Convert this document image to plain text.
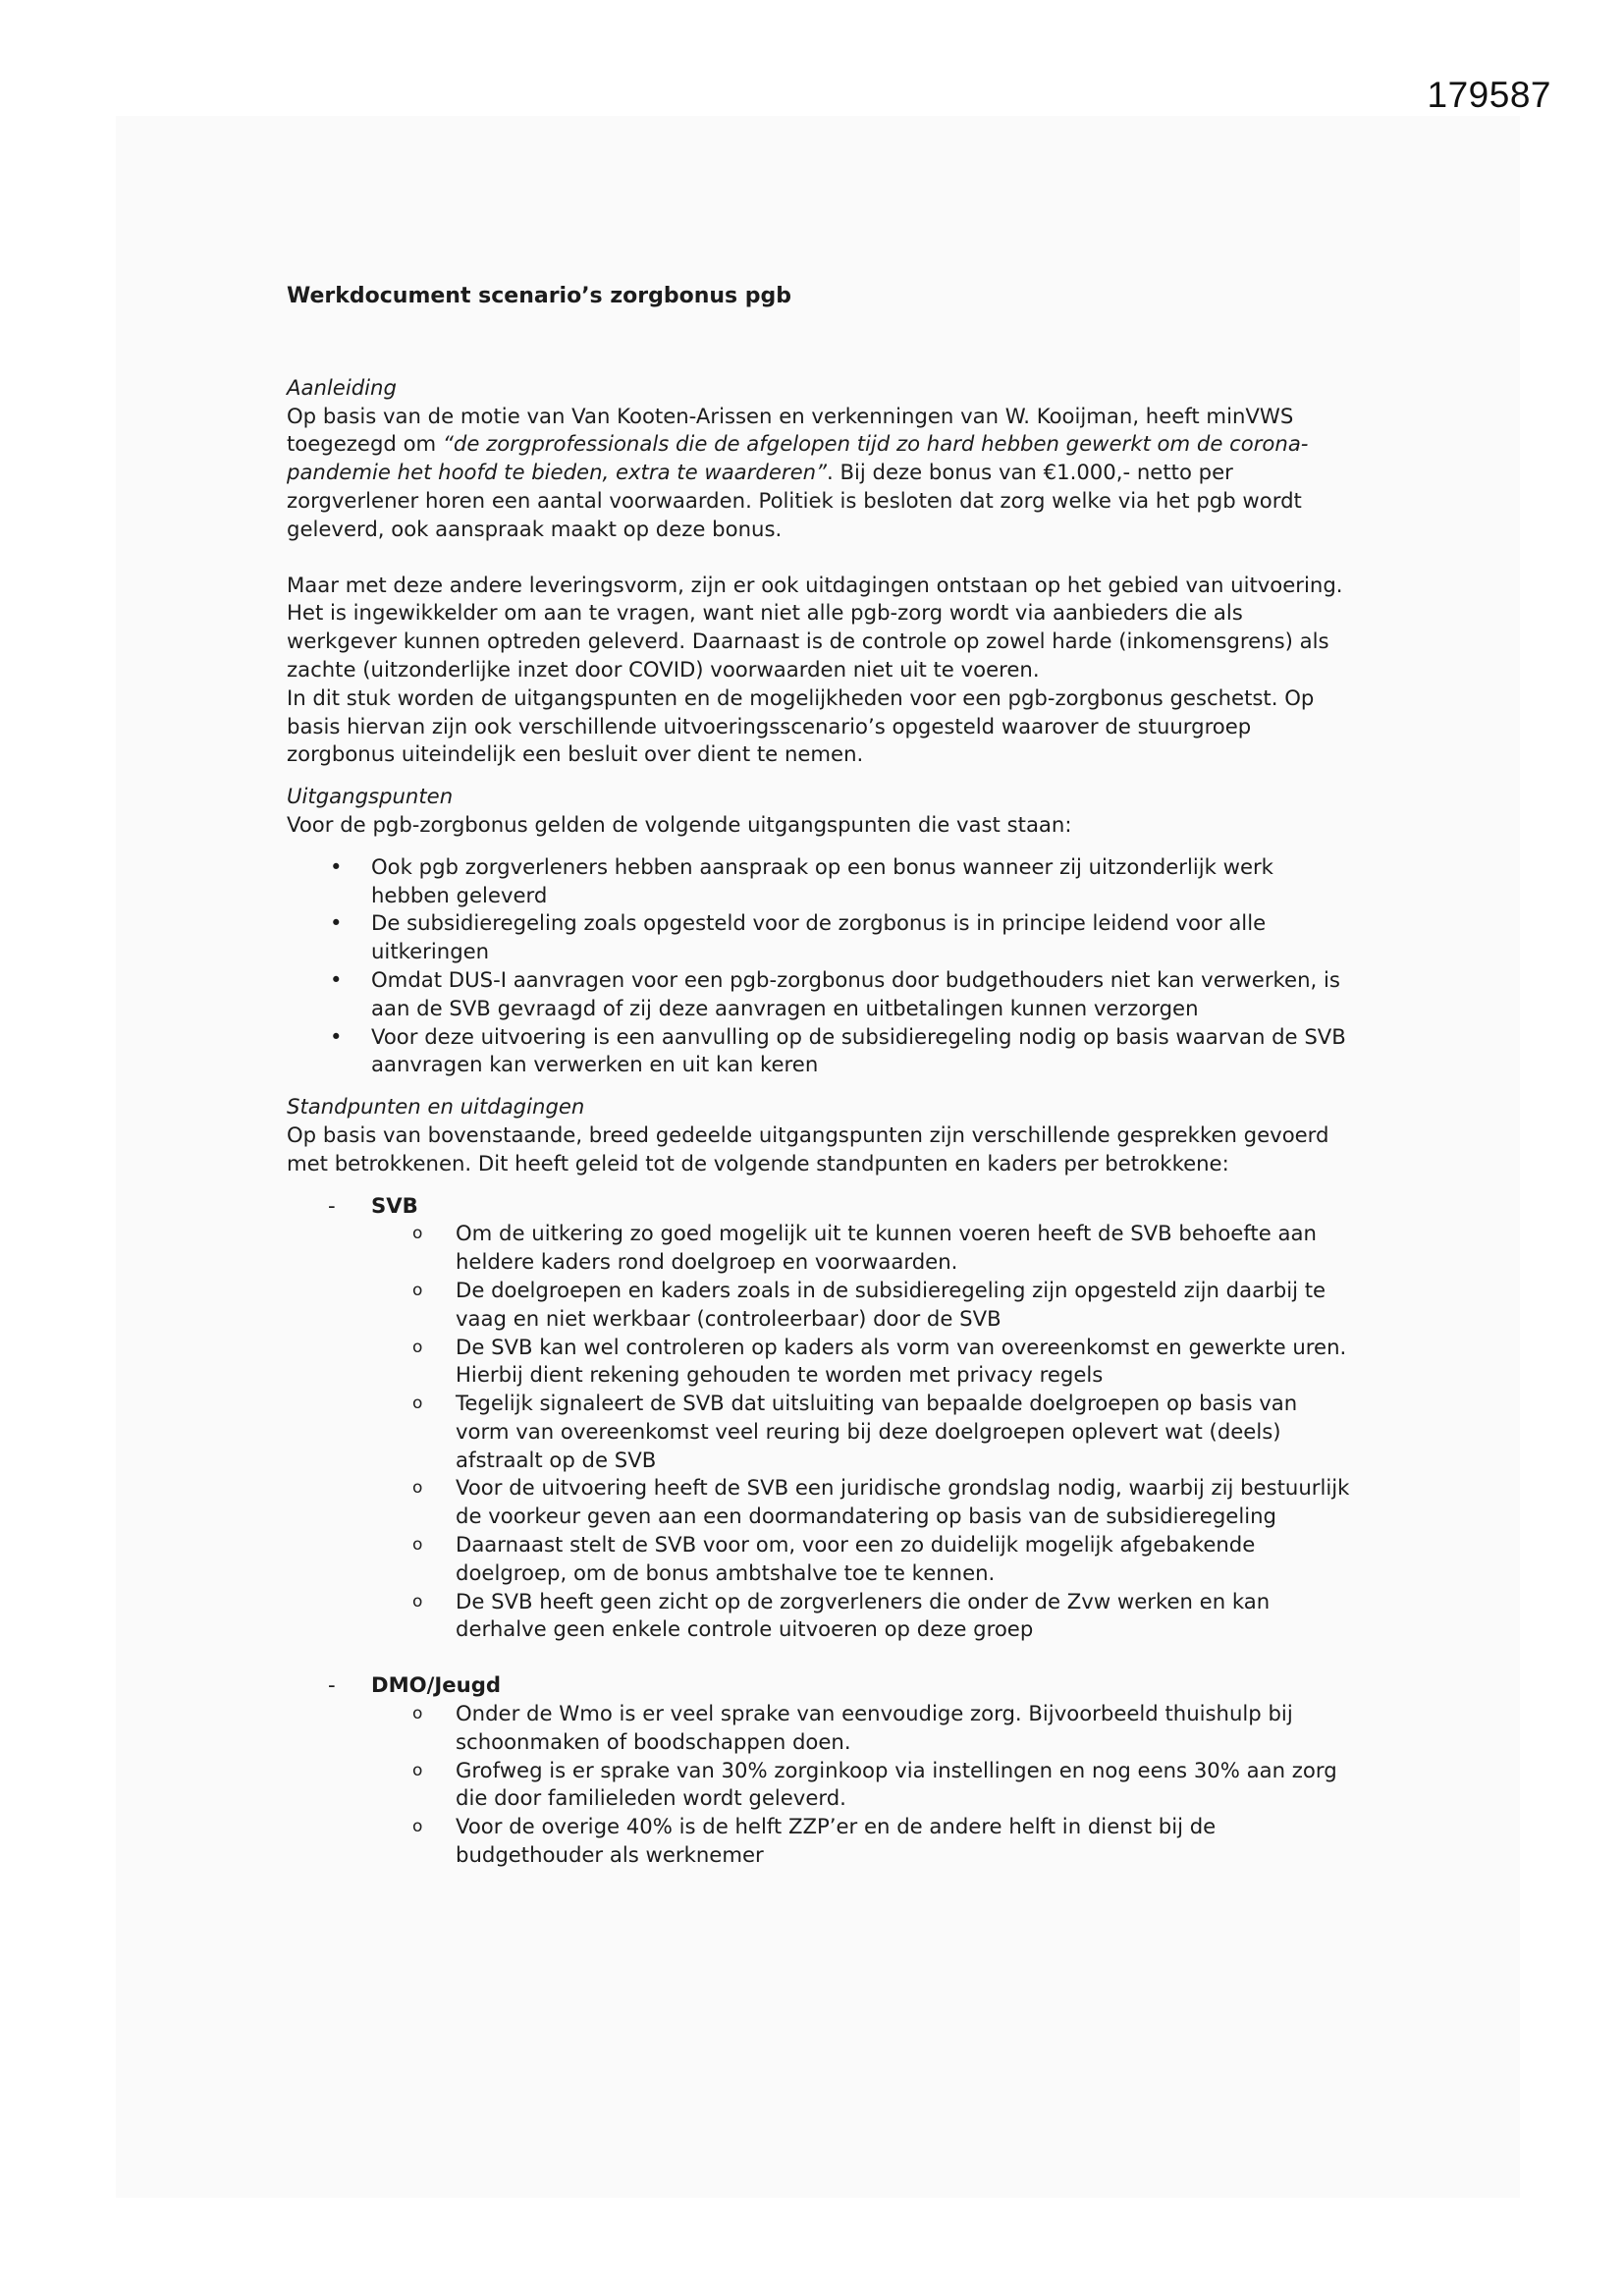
179587
Werkdocument scenario’s zorgbonus pgb

Aanleiding

Op basis van de motie van Van Kooten-Arissen en verkenningen van W. Kooijman, heeft minVWS toegezegd om “de zorgprofessionals die de afgelopen tijd zo hard hebben gewerkt om de corona-pandemie het hoofd te bieden, extra te waarderen”. Bij deze bonus van €1.000,- netto per zorgverlener horen een aantal voorwaarden. Politiek is besloten dat zorg welke via het pgb wordt geleverd, ook aanspraak maakt op deze bonus.

Maar met deze andere leveringsvorm, zijn er ook uitdagingen ontstaan op het gebied van uitvoering. Het is ingewikkelder om aan te vragen, want niet alle pgb-zorg wordt via aanbieders die als werkgever kunnen optreden geleverd. Daarnaast is de controle op zowel harde (inkomensgrens) als zachte (uitzonderlijke inzet door COVID) voorwaarden niet uit te voeren.

In dit stuk worden de uitgangspunten en de mogelijkheden voor een pgb-zorgbonus geschetst. Op basis hiervan zijn ook verschillende uitvoeringsscenario’s opgesteld waarover de stuurgroep zorgbonus uiteindelijk een besluit over dient te nemen.

Uitgangspunten

Voor de pgb-zorgbonus gelden de volgende uitgangspunten die vast staan:

• Ook pgb zorgverleners hebben aanspraak op een bonus wanneer zij uitzonderlijk werk hebben geleverd
• De subsidieregeling zoals opgesteld voor de zorgbonus is in principe leidend voor alle uitkeringen
• Omdat DUS-I aanvragen voor een pgb-zorgbonus door budgethouders niet kan verwerken, is aan de SVB gevraagd of zij deze aanvragen en uitbetalingen kunnen verzorgen
• Voor deze uitvoering is een aanvulling op de subsidieregeling nodig op basis waarvan de SVB aanvragen kan verwerken en uit kan keren

Standpunten en uitdagingen

Op basis van bovenstaande, breed gedeelde uitgangspunten zijn verschillende gesprekken gevoerd met betrokkenen. Dit heeft geleid tot de volgende standpunten en kaders per betrokkene:

- SVB
o Om de uitkering zo goed mogelijk uit te kunnen voeren heeft de SVB behoefte aan heldere kaders rond doelgroep en voorwaarden.
o De doelgroepen en kaders zoals in de subsidieregeling zijn opgesteld zijn daarbij te vaag en niet werkbaar (controleerbaar) door de SVB
o De SVB kan wel controleren op kaders als vorm van overeenkomst en gewerkte uren. Hierbij dient rekening gehouden te worden met privacy regels
o Tegelijk signaleert de SVB dat uitsluiting van bepaalde doelgroepen op basis van vorm van overeenkomst veel reuring bij deze doelgroepen oplevert wat (deels) afstraalt op de SVB
o Voor de uitvoering heeft de SVB een juridische grondslag nodig, waarbij zij bestuurlijk de voorkeur geven aan een doormandatering op basis van de subsidieregeling
o Daarnaast stelt de SVB voor om, voor een zo duidelijk mogelijk afgebakende doelgroep, om de bonus ambtshalve toe te kennen.
o De SVB heeft geen zicht op de zorgverleners die onder de Zvw werken en kan derhalve geen enkele controle uitvoeren op deze groep
- DMO/Jeugd
o Onder de Wmo is er veel sprake van eenvoudige zorg. Bijvoorbeeld thuishulp bij schoonmaken of boodschappen doen.
o Grofweg is er sprake van 30% zorginkoop via instellingen en nog eens 30% aan zorg die door familieleden wordt geleverd.
o Voor de overige 40% is de helft ZZP’er en de andere helft in dienst bij de budgethouder als werknemer
